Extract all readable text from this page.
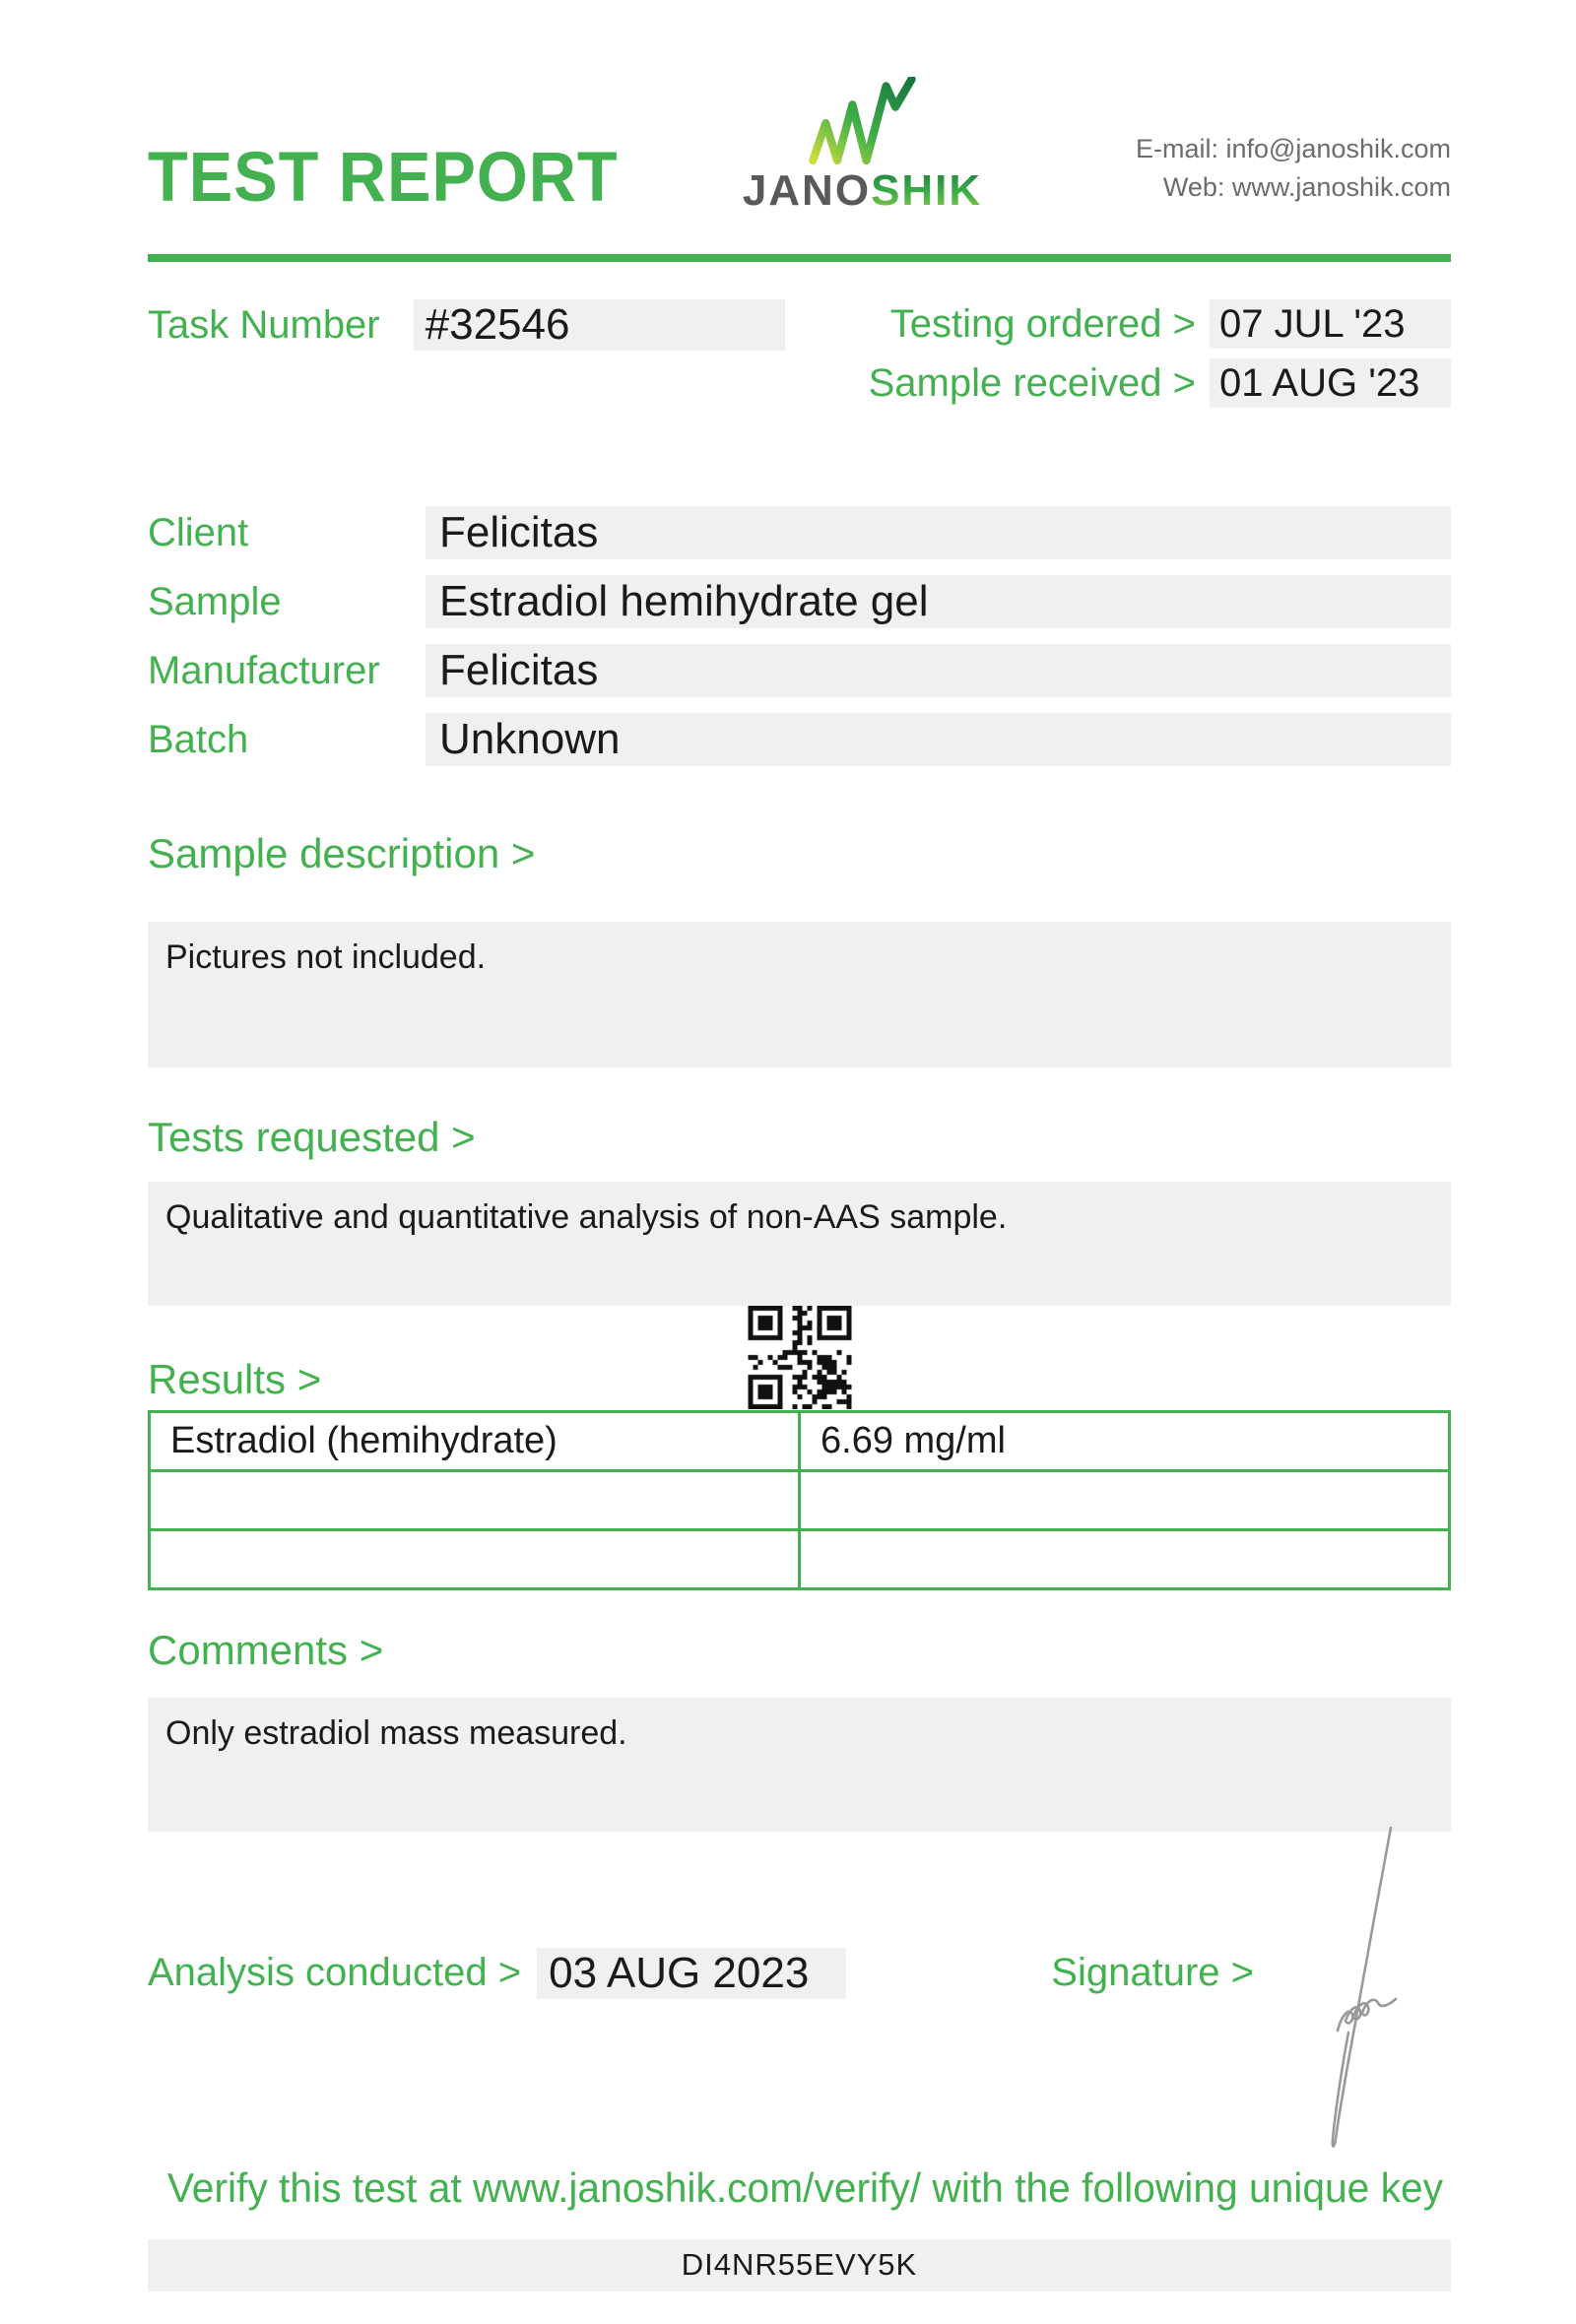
TEST REPORT	JANOSHIK
E-mail: info@janoshik.com
Web: www.janoshik.com
Task Number #32546	Testing ordered > 07 JUL '23
Sample received > 01 AUG '23
Client	Felicitas
Sample	Estradiol hemihydrate gel
Manufacturer	Felicitas
Batch	Unknown
Sample description >
Pictures not included.
Tests requested >
Qualitative and quantitative analysis of non-AAS sample.
Results >
Estradiol (hemihydrate)	6.69 mg/ml

Comments >
Only estradiol mass measured.
Analysis conducted > 03 AUG 2023	Signature >
Verify this test at www.janoshik.com/verify/ with the following unique key
DI4NR55EVY5K
